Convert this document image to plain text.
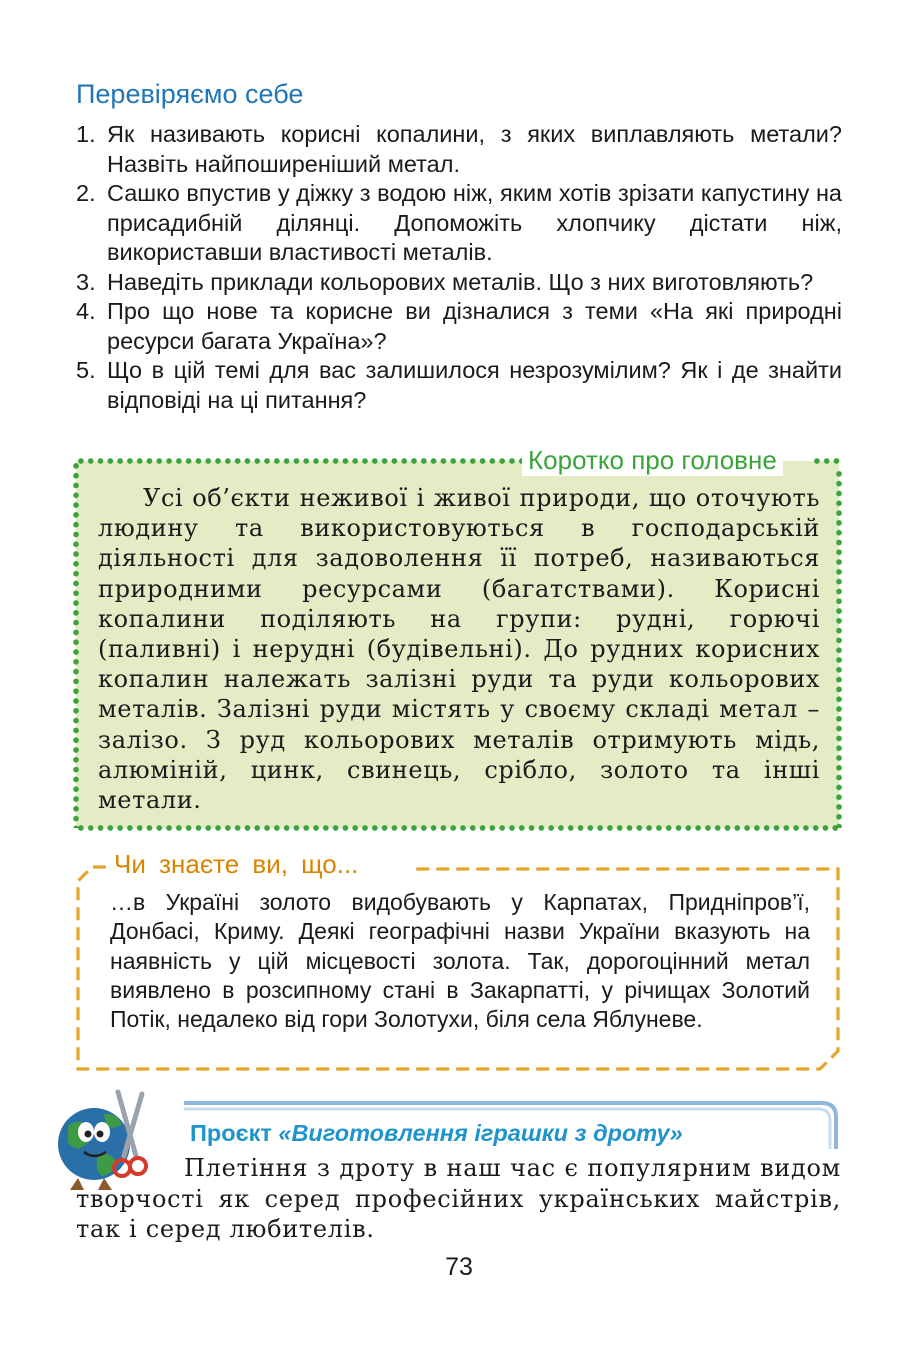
Перевіряємо себе
1. Як називають корисні копалини, з яких виплавляють метали? Назвіть найпоширеніший метал.
2. Сашко впустив у діжку з водою ніж, яким хотів зрізати капустину на присадибній ділянці. Допоможіть хлопчику дістати ніж, використавши властивості металів.
3. Наведіть приклади кольорових металів. Що з них виготовляють?
4. Про що нове та корисне ви дізналися з теми «На які природні ресурси багата Україна»?
5. Що в цій темі для вас залишилося незрозумілим? Як і де знайти відповіді на ці питання?
Коротко про головне
Усі об’єкти неживої і живої природи, що оточують людину та використовуються в господарській діяльності для задоволення її потреб, називаються природними ресурсами (багатствами). Корисні копалини поділяють на групи: рудні, горючі (паливні) і нерудні (будівельні). До рудних корисних копалин належать залізні руди та руди кольорових металів. Залізні руди містять у своєму складі метал – залізо. З руд кольорових металів отримують мідь, алюміній, цинк, свинець, срібло, золото та інші метали.
Чи знаєте ви, що...
…в Україні золото видобувають у Карпатах, Придніпров’ї, Донбасі, Криму. Деякі географічні назви України вказують на наявність у цій місцевості золота. Так, дорогоцінний метал виявлено в розсипному стані в Закарпатті, у річищах Золотий Потік, недалеко від гори Золотухи, біля села Яблуневе.
Проєкт «Виготовлення іграшки з дроту»
Плетіння з дроту в наш час є популярним видом творчості як серед професійних українських майстрів, так і серед любителів.
73
